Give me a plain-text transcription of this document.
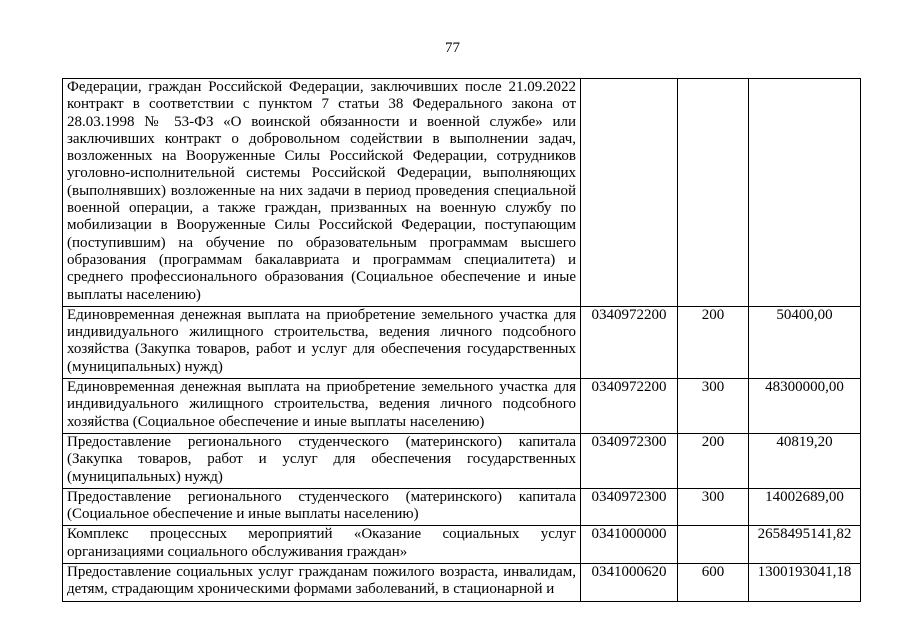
77
Федерации, граждан Российской Федерации, заключивших после 21.09.2022 контракт в соответствии с пунктом 7 статьи 38 Федерального закона от 28.03.1998 № 53-ФЗ «О воинской обязанности и военной службе» или заключивших контракт о добровольном содействии в выполнении задач, возложенных на Вооруженные Силы Российской Федерации, сотрудников уголовно-исполнительной системы Российской Федерации, выполняющих (выполнявших) возложенные на них задачи в период проведения специальной военной операции, а также граждан, призванных на военную службу по мобилизации в Вооруженные Силы Российской Федерации, поступающим (поступившим) на обучение по образовательным программам высшего образования (программам бакалавриата и программам специалитета) и среднего профессионального образования (Социальное обеспечение и иные выплаты населению)			
Единовременная денежная выплата на приобретение земельного участка для индивидуального жилищного строительства, ведения личного подсобного хозяйства (Закупка товаров, работ и услуг для обеспечения государственных (муниципальных) нужд)	0340972200	200	50400,00
Единовременная денежная выплата на приобретение земельного участка для индивидуального жилищного строительства, ведения личного подсобного хозяйства (Социальное обеспечение и иные выплаты населению)	0340972200	300	48300000,00
Предоставление регионального студенческого (материнского) капитала (Закупка товаров, работ и услуг для обеспечения государственных (муниципальных) нужд)	0340972300	200	40819,20
Предоставление регионального студенческого (материнского) капитала (Социальное обеспечение и иные выплаты населению)	0340972300	300	14002689,00
Комплекс процессных мероприятий «Оказание социальных услуг организациями социального обслуживания граждан»	0341000000		2658495141,82
Предоставление социальных услуг гражданам пожилого возраста, инвалидам, детям, страдающим хроническими формами заболеваний, в стационарной и	0341000620	600	1300193041,18
